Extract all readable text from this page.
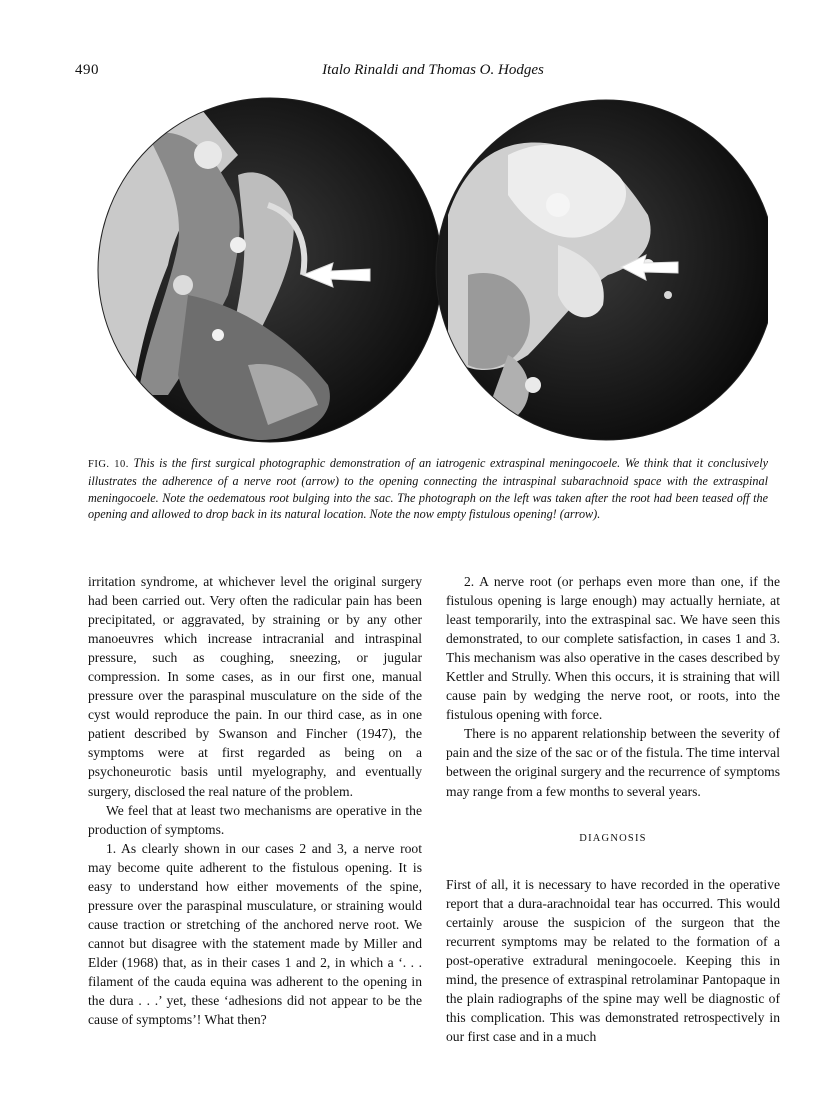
490	Italo Rinaldi and Thomas O. Hodges
FIG. 10. This is the first surgical photographic demonstration of an iatrogenic extraspinal meningocoele. We think that it conclusively illustrates the adherence of a nerve root (arrow) to the opening connecting the intraspinal subarachnoid space with the extraspinal meningocoele. Note the oedematous root bulging into the sac. The photograph on the left was taken after the root had been teased off the opening and allowed to drop back in its natural location. Note the now empty fistulous opening! (arrow).

irritation syndrome, at whichever level the original surgery had been carried out. Very often the radicular pain has been precipitated, or aggravated, by straining or by any other manoeuvres which increase intracranial and intraspinal pressure, such as coughing, sneezing, or jugular compression. In some cases, as in our first one, manual pressure over the paraspinal musculature on the side of the cyst would reproduce the pain. In our third case, as in one patient described by Swanson and Fincher (1947), the symptoms were at first regarded as being on a psychoneurotic basis until myelography, and eventually surgery, disclosed the real nature of the problem.

We feel that at least two mechanisms are operative in the production of symptoms.

1. As clearly shown in our cases 2 and 3, a nerve root may become quite adherent to the fistulous opening. It is easy to understand how either movements of the spine, pressure over the paraspinal musculature, or straining would cause traction or stretching of the anchored nerve root. We cannot but disagree with the statement made by Miller and Elder (1968) that, as in their cases 1 and 2, in which a ‘. . . filament of the cauda equina was adherent to the opening in the dura . . .’ yet, these ‘adhesions did not appear to be the cause of symptoms’! What then?

2. A nerve root (or perhaps even more than one, if the fistulous opening is large enough) may actually herniate, at least temporarily, into the extraspinal sac. We have seen this demonstrated, to our complete satisfaction, in cases 1 and 3. This mechanism was also operative in the cases described by Kettler and Strully. When this occurs, it is straining that will cause pain by wedging the nerve root, or roots, into the fistulous opening with force.

There is no apparent relationship between the severity of pain and the size of the sac or of the fistula. The time interval between the original surgery and the recurrence of symptoms may range from a few months to several years.

DIAGNOSIS

First of all, it is necessary to have recorded in the operative report that a dura-arachnoidal tear has occurred. This would certainly arouse the suspicion of the surgeon that the recurrent symptoms may be related to the formation of a post-operative extradural meningocoele. Keeping this in mind, the presence of extraspinal retrolaminar Pantopaque in the plain radiographs of the spine may well be diagnostic of this complication. This was demonstrated retrospectively in our first case and in a much
